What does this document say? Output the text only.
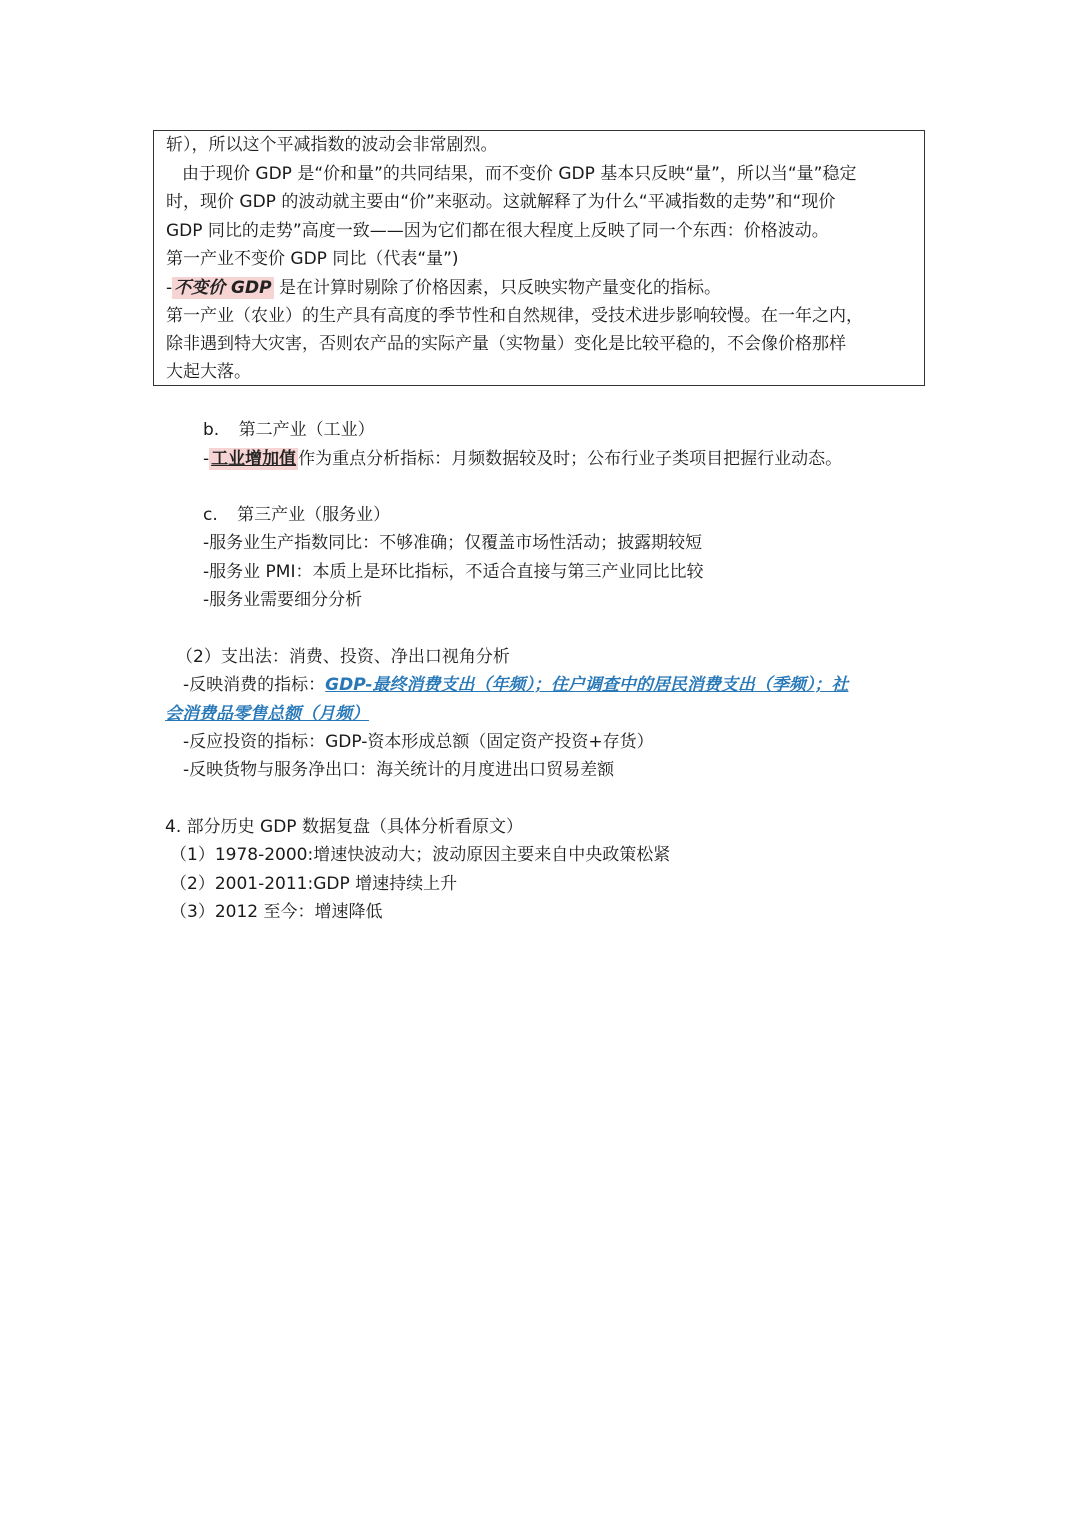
斩），所以这个平减指数的波动会非常剧烈。
由于现价 GDP 是“价和量”的共同结果，而不变价 GDP 基本只反映“量”，所以当“量”稳定
时，现价 GDP 的波动就主要由“价”来驱动。这就解释了为什么“平减指数的走势”和“现价
GDP 同比的走势”高度一致——因为它们都在很大程度上反映了同一个东西：价格波动。
第一产业不变价 GDP 同比（代表“量”)
- 不变价 GDP 是在计算时剔除了价格因素，只反映实物产量变化的指标。
第一产业（农业）的生产具有高度的季节性和自然规律，受技术进步影响较慢。在一年之内，
除非遇到特大灾害，否则农产品的实际产量（实物量）变化是比较平稳的，不会像价格那样
大起大落。
b. 第二产业（工业）
- 工业增加值 作为重点分析指标：月频数据较及时；公布行业子类项目把握行业动态。
c. 第三产业（服务业）
-服务业生产指数同比：不够准确；仅覆盖市场性活动；披露期较短
-服务业 PMI：本质上是环比指标，不适合直接与第三产业同比比较
-服务业需要细分分析
（2）支出法：消费、投资、净出口视角分析
-反映消费的指标：GDP-最终消费支出（年频）；住户调查中的居民消费支出（季频）；社
会消费品零售总额（月频）
-反应投资的指标：GDP-资本形成总额（固定资产投资+存货）
-反映货物与服务净出口：海关统计的月度进出口贸易差额
4. 部分历史 GDP 数据复盘（具体分析看原文）
（1）1978-2000:增速快波动大；波动原因主要来自中央政策松紧
（2）2001-2011:GDP 增速持续上升
（3）2012 至今：增速降低
